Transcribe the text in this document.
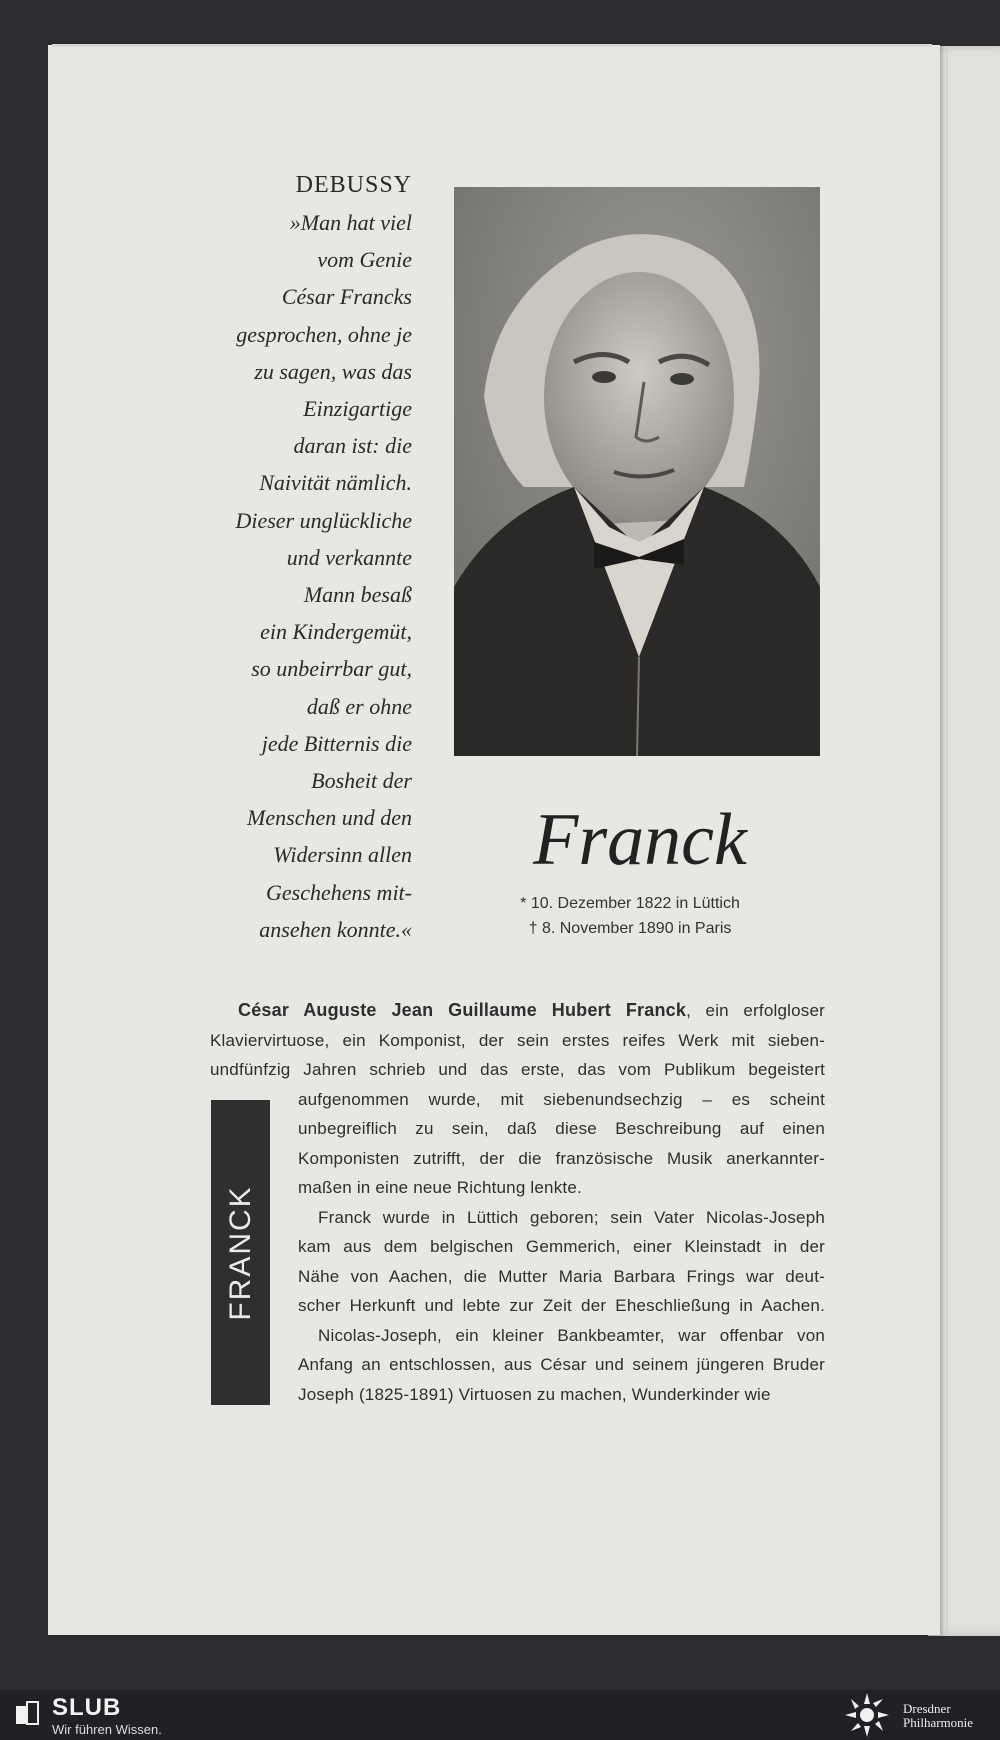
DEBUSSY
»Man hat viel
vom Genie
César Francks
gesprochen, ohne je
zu sagen, was das
Einzigartige
daran ist: die
Naivität nämlich.
Dieser unglückliche
und verkannte
Mann besaß
ein Kindergemüt,
so unbeirrbar gut,
daß er ohne
jede Bitternis die
Bosheit der
Menschen und den
Widersinn allen
Geschehens mit-
ansehen konnte.«
Franck
* 10. Dezember 1822 in Lüttich
† 8. November 1890 in Paris
FRANCK
César Auguste Jean Guillaume Hubert Franck, ein erfolgloser
Klaviervirtuose, ein Komponist, der sein erstes reifes Werk mit sieben-
undfünfzig Jahren schrieb und das erste, das vom Publikum begeistert
aufgenommen wurde, mit siebenundsechzig – es scheint
unbegreiflich zu sein, daß diese Beschreibung auf einen
Komponisten zutrifft, der die französische Musik anerkannter-
maßen in eine neue Richtung lenkte.
Franck wurde in Lüttich geboren; sein Vater Nicolas-Joseph
kam aus dem belgischen Gemmerich, einer Kleinstadt in der
Nähe von Aachen, die Mutter Maria Barbara Frings war deut-
scher Herkunft und lebte zur Zeit der Eheschließung in Aachen.
Nicolas-Joseph, ein kleiner Bankbeamter, war offenbar von
Anfang an entschlossen, aus César und seinem jüngeren Bruder
Joseph (1825-1891) Virtuosen zu machen, Wunderkinder wie
SLUB
Wir führen Wissen.
Dresdner
Philharmonie
